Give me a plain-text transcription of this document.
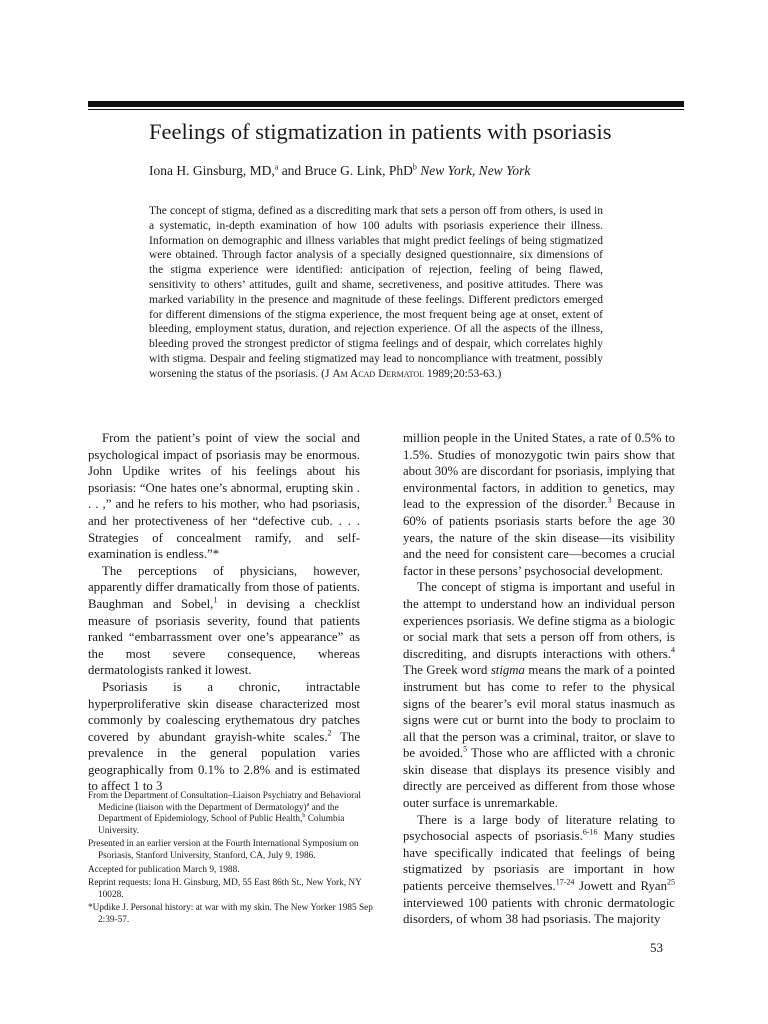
Feelings of stigmatization in patients with psoriasis
Iona H. Ginsburg, MD,$^a$ and Bruce G. Link, PhD$^b$ New York, New York

The concept of stigma, defined as a discrediting mark that sets a person off from others, is used in a systematic, in-depth examination of how 100 adults with psoriasis experience their illness. Information on demographic and illness variables that might predict feelings of being stigmatized were obtained. Through factor analysis of a specially designed questionnaire, six dimensions of the stigma experience were identified: anticipation of rejection, feeling of being flawed, sensitivity to others’ attitudes, guilt and shame, secretiveness, and positive attitudes. There was marked variability in the presence and magnitude of these feelings. Different predictors emerged for different dimensions of the stigma experience, the most frequent being age at onset, extent of bleeding, employment status, duration, and rejection experience. Of all the aspects of the illness, bleeding proved the strongest predictor of stigma feelings and of despair, which correlates highly with stigma. Despair and feeling stigmatized may lead to noncompliance with treatment, possibly worsening the status of the psoriasis. (J Am Acad Dermatol 1989;20:53-63.)

From the patient’s point of view the social and psychological impact of psoriasis may be enormous. John Updike writes of his feelings about his psoriasis: “One hates one’s abnormal, erupting skin . . . ,” and he refers to his mother, who had psoriasis, and her protectiveness of her “defective cub. . . . Strategies of concealment ramify, and self-examination is endless.”*

The perceptions of physicians, however, apparently differ dramatically from those of patients. Baughman and Sobel,$^1$ in devising a checklist measure of psoriasis severity, found that patients ranked “embarrassment over one’s appearance” as the most severe consequence, whereas dermatologists ranked it lowest.

Psoriasis is a chronic, intractable hyperproliferative skin disease characterized most commonly by coalescing erythematous dry patches covered by abundant grayish-white scales.$^2$ The prevalence in the general population varies geographically from 0.1% to 2.8% and is estimated to affect 1 to 3

million people in the United States, a rate of 0.5% to 1.5%. Studies of monozygotic twin pairs show that about 30% are discordant for psoriasis, implying that environmental factors, in addition to genetics, may lead to the expression of the disorder.$^3$ Because in 60% of patients psoriasis starts before the age 30 years, the nature of the skin disease—its visibility and the need for consistent care—becomes a crucial factor in these persons’ psychosocial development.

The concept of stigma is important and useful in the attempt to understand how an individual person experiences psoriasis. We define stigma as a biologic or social mark that sets a person off from others, is discrediting, and disrupts interactions with others.$^4$ The Greek word stigma means the mark of a pointed instrument but has come to refer to the physical signs of the bearer’s evil moral status inasmuch as signs were cut or burnt into the body to proclaim to all that the person was a criminal, traitor, or slave to be avoided.$^5$ Those who are afflicted with a chronic skin disease that displays its presence visibly and directly are perceived as different from those whose outer surface is unremarkable.

There is a large body of literature relating to psychosocial aspects of psoriasis.$^{6-16}$ Many studies have specifically indicated that feelings of being stigmatized by psoriasis are important in how patients perceive themselves.$^{17-24}$ Jowett and Ryan$^{25}$ interviewed 100 patients with chronic dermatologic disorders, of whom 38 had psoriasis. The majority

From the Department of Consultation–Liaison Psychiatry and Behavioral Medicine (liaison with the Department of Dermatology)$^a$ and the Department of Epidemiology, School of Public Health,$^b$ Columbia University.

Presented in an earlier version at the Fourth International Symposium on Psoriasis, Stanford University, Stanford, CA, July 9, 1986.

Accepted for publication March 9, 1988.

Reprint requests: Iona H. Ginsburg, MD, 55 East 86th St., New York, NY 10028.

*Updike J. Personal history: at war with my skin. The New Yorker 1985 Sep 2:39-57.

53
